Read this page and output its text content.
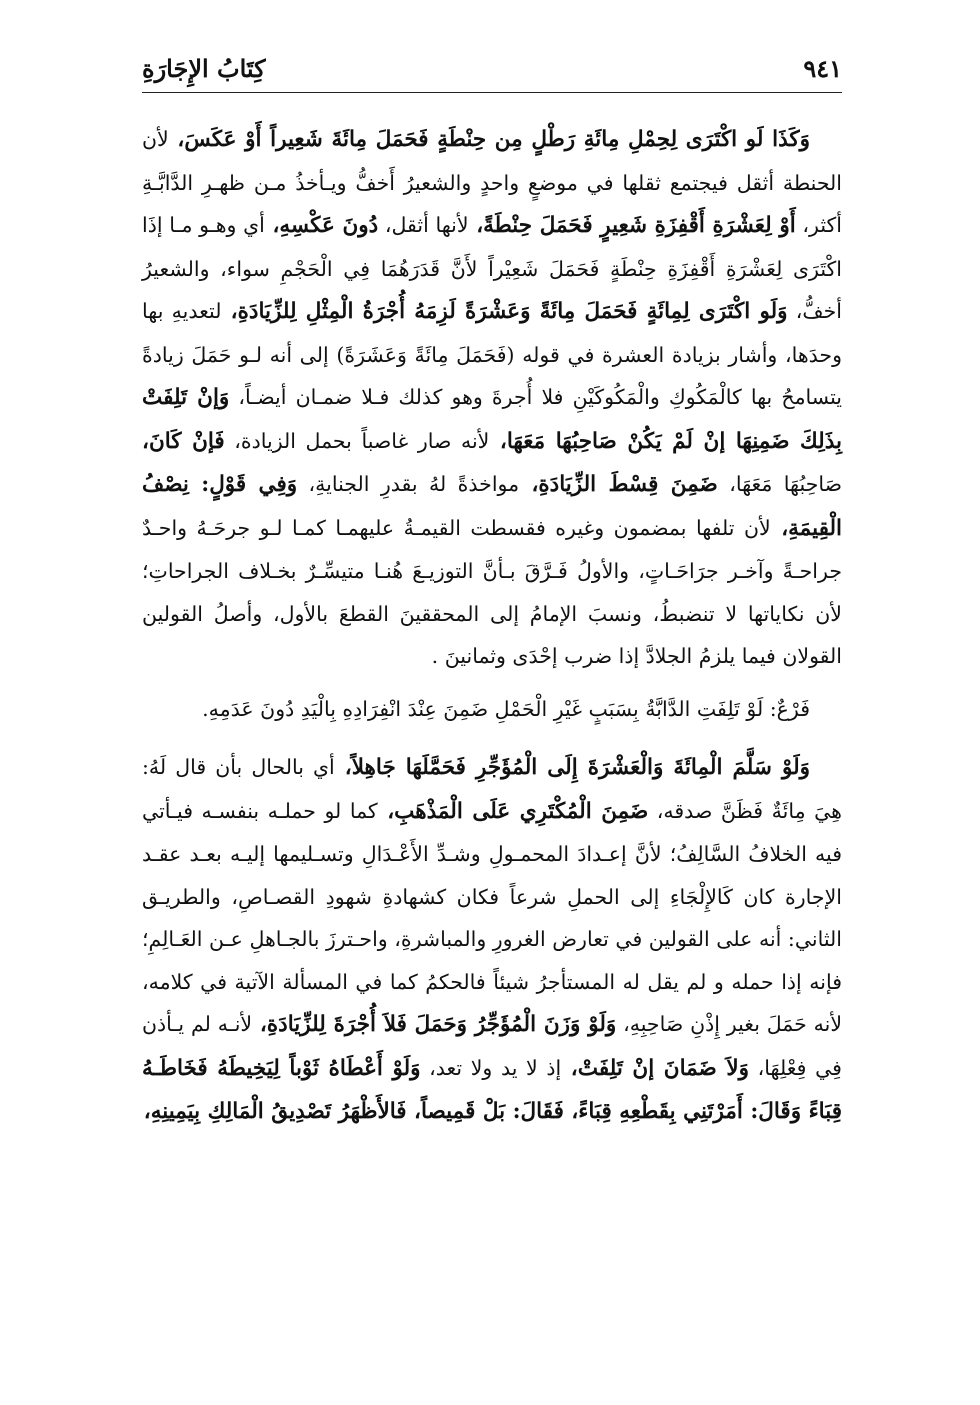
٩٤١
كِتَابُ الإِجَارَةِ

وَكَذَا لَو اكْتَرَى لِحِمْلِ مِائَةِ رَطْلٍ مِن حِنْطَةٍ فَحَمَلَ مِائَةَ شَعِيراً أَوْ عَكَسَ، لأن الحنطة أثقل فيجتمع ثقلها في موضعٍ واحدٍ والشعيرُ أَخفُّ ويـأخذُ مـن ظهـرِ الدَّابَّـةِ أكثر، أَوْ لِعَشْرَةِ أَقْفِزَةِ شَعِيرٍ فَحَمَلَ حِنْطَةً، لأنها أثقل، دُونَ عَكْسِهِ، أي وهـو مـا إذَا اكْتَرَى لِعَشْرَةِ أَقْفِزَةِ حِنْطَةٍ فَحَمَلَ شَعِيْراً لأَنَّ قَدَرَهُمَا فِي الْحَجْمِ سواء، والشعيرُ أخفُّ، وَلَو اكْتَرَى لِمِائَةٍ فَحَمَلَ مِائَةً وَعَشْرَةً لَزِمَهُ أُجْرَةُ الْمِثْلِ لِلزِّيَادَةِ، لتعديهِ بها وحدَها، وأشار بزيادة العشرة في قوله (فَحَمَلَ مِائَةً وَعَشَرَةً) إلى أنه لـو حَمَلَ زيادةً يتسامحُ بها كالْمَكُوكِ والْمَكُوكَيْنِ فلا أُجرةَ وهو كذلك فـلا ضمـان أيضـاً، وَإنْ تَلِفَتْ بِذَلِكَ ضَمِنِهَا إنْ لَمْ يَكُنْ صَاحِبُهَا مَعَهَا، لأنه صار غاصباً بحمل الزيادة، فَإنْ كَانَ، صَاحِبُهَا مَعَهَا، ضَمِنَ قِسْطَ الزِّيَادَةِ، مواخذةً لهُ بقدرِ الجنايةِ، وَفِي قَوْلٍ: نِصْفُ الْقِيمَةِ، لأن تلفها بمضمون وغيره فقسطت القيمـةُ عليهمـا كمـا لـو جرحَـهُ واحـدٌ جراحـةً وآخـر جرَاحَـاتٍ، والأولُ فَـرَّقَ بـأنَّ التوزيـعَ هُنـا متيسِّـرٌ بخـلاف الجراحاتِ؛ لأن نكاياتها لا تنضبطُ، ونسبَ الإمامُ إلى المحققينَ القطعَ بالأول، وأصلُ القولين القولان فيما يلزمُ الجلادَّ إذا ضرب إحْدَى وثمانينَ .

فَرْعٌ: لَوْ تَلِفَتِ الدَّابَّةُ بِسَبَبٍ غَيْرِ الْحَمْلِ ضَمِنَ عِنْدَ انْفِرَادِهِ بِالْيَدِ دُونَ عَدَمِهِ.

وَلَوْ سَلَّمَ الْمِائَةَ وَالْعَشْرَةَ إِلَى الْمُؤَجِّرِ فَحَمَّلَهَا جَاهِلاً، أي بالحال بأن قال لَهُ: هِيَ مِائَةٌ فَظَنَّ صدقه، ضَمِنَ الْمُكْتَرِي عَلَى الْمَذْهَبِ، كما لو حملـه بنفسـه فيـأتي فيه الخلافُ السَّالِفُ؛ لأنَّ إعـدادَ المحمـولِ وشـدِّ الأَعْـدَالِ وتسـليمها إليـه بعـد عقـد الإجارة كان كَالإِلْجَاءِ إلى الحملِ شرعاً فكان كشهادةِ شهودِ القصـاصِ، والطريـق الثاني: أنه على القولين في تعارض الغرورِ والمباشرةِ، واحـترزَ بالجـاهلِ عـن العَـالِمِ؛ فإنه إذا حمله و لم يقل له المستأجرُ شيئاً فالحكمُ كما في المسألة الآتية في كلامه، لأنه حَمَلَ بغير إِذْنِ صَاحِبِهِ، وَلَوْ وَزَنَ الْمُؤَجِّرُ وَحَمَلَ فَلاَ أُجْرَةَ لِلزِّيَادَةِ، لأنـه لم يـأذن فِي فِعْلِهَا، وَلاَ ضَمَانَ إنْ تَلِفَتْ، إذ لا يد ولا تعد، وَلَوْ أَعْطَاهُ ثَوْباً لِيَخِيطَهُ فَخَاطَـهُ قِبَاءً وَقَالَ: أَمَرْتَنِي بِقَطْعِهِ قِبَاءً، فَقَالَ: بَلْ قَمِيصاً، فَالأَظْهَرُ تَصْدِيقُ الْمَالِكِ بِيَمِينِهِ،
